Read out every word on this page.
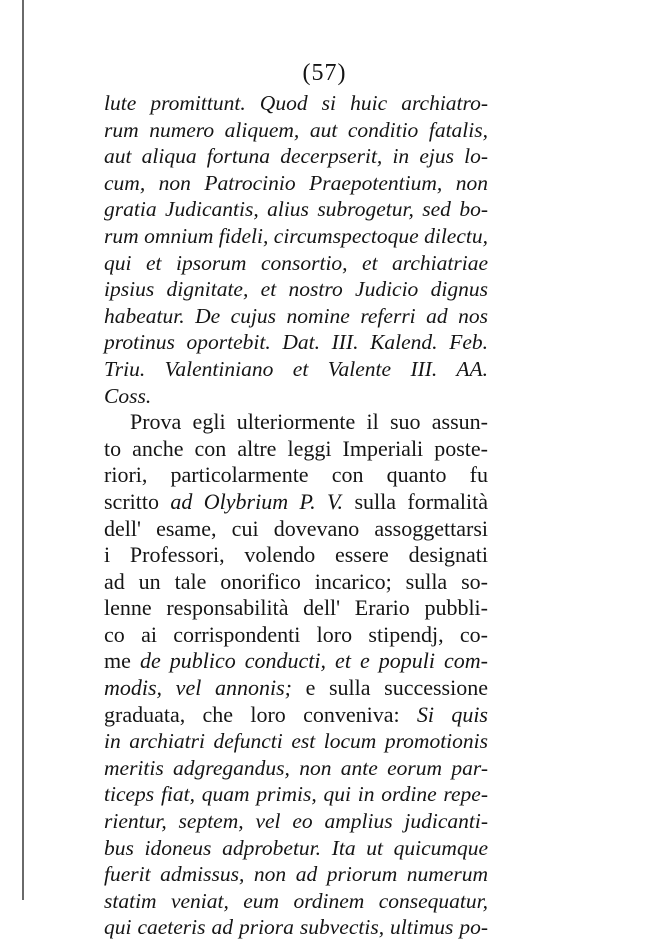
(57)
lute promittunt. Quod si huic archiatro-
rum numero aliquem, aut conditio fatalis,
aut aliqua fortuna decerpserit, in ejus lo-
cum, non Patrocinio Praepotentium, non
gratia Judicantis, alius subrogetur, sed bo-
rum omnium fideli, circumspectoque dilectu,
qui et ipsorum consortio, et archiatriae
ipsius dignitate, et nostro Judicio dignus
habeatur. De cujus nomine referri ad nos
protinus oportebit. Dat. III. Kalend. Feb.
Triu. Valentiniano et Valente III. AA.
Coss.
Prova egli ulteriormente il suo assun-
to anche con altre leggi Imperiali poste-
riori, particolarmente con quanto fu
scritto ad Olybrium P. V. sulla formalità
dell' esame, cui dovevano assoggettarsi
i Professori, volendo essere designati
ad un tale onorifico incarico; sulla so-
lenne responsabilità dell' Erario pubbli-
co ai corrispondenti loro stipendj, co-
me de publico conducti, et e populi com-
modis, vel annonis; e sulla successione
graduata, che loro conveniva: Si quis
in archiatri defuncti est locum promotionis
meritis adgregandus, non ante eorum par-
ticeps fiat, quam primis, qui in ordine repe-
rientur, septem, vel eo amplius judicanti-
bus idoneus adprobetur. Ita ut quicumque
fuerit admissus, non ad priorum numerum
statim veniat, eum ordinem consequatur,
qui caeteris ad priora subvectis, ultimus po-
